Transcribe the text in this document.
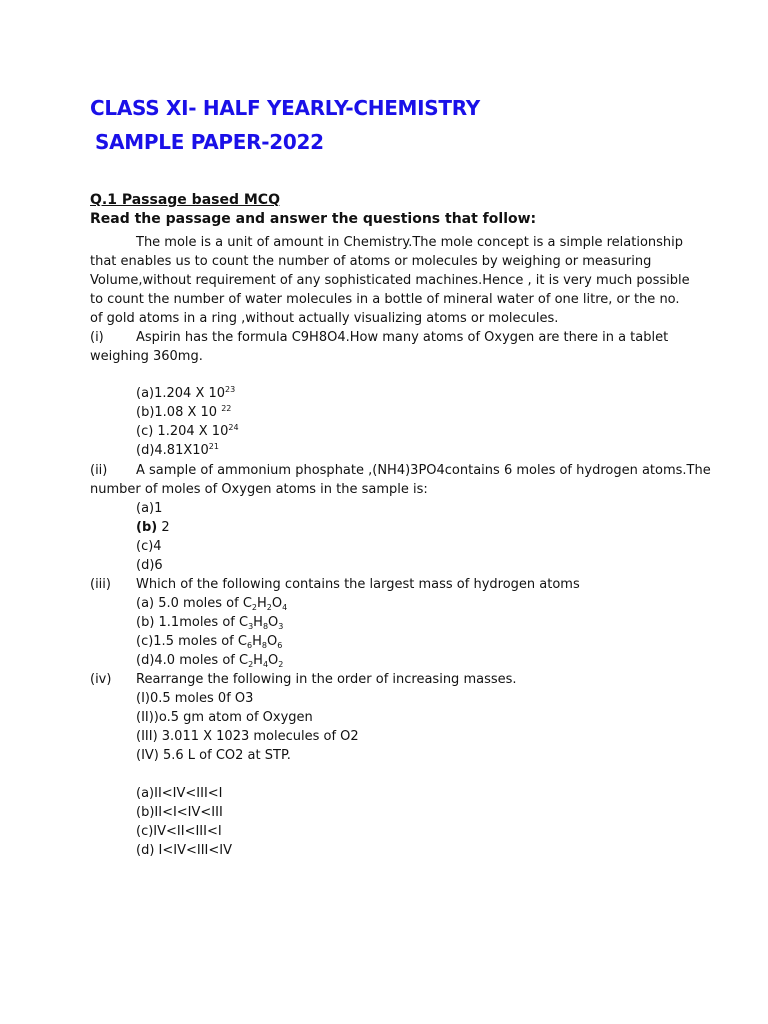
CLASS XI- HALF YEARLY-CHEMISTRY
SAMPLE PAPER-2022

Q.1 Passage based MCQ

Read the passage and answer the questions that follow:

The mole is a unit of amount in Chemistry.The mole concept is a simple relationship

that enables us to count the number of atoms or molecules by weighing or measuring

Volume,without requirement of any sophisticated machines.Hence , it is very much possible

to count the number of water molecules in a bottle of mineral water of one litre, or the no.

of gold atoms in a ring ,without actually visualizing atoms or molecules.

(i) Aspirin has the formula C9H8O4.How many atoms of Oxygen are there in a tablet

weighing 360mg.

(a)1.204 X $10^{23}$

(b)1.08 X 10 $^{22}$

(c) 1.204 X $10^{24}$

$(d)4.81X10^{21}$

(ii) A sample of ammonium phosphate ,(NH4)3PO4contains 6 moles of hydrogen atoms.The

number of moles of Oxygen atoms in the sample is:

(a)1

(b) 2

(c)4

(d)6

(iii) Which of the following contains the largest mass of hydrogen atoms

(a) 5.0 moles of $C_2H_2O_4$

(b) 1.1moles of $C_3H_8O_3$

(c)1.5 moles of $C_6H_8O_6$

(d)4.0 moles of $C_2H_4O_2$

(iv) Rearrange the following in the order of increasing masses.

(I)0.5 moles 0f O3

(II))o.5 gm atom of Oxygen

(III) 3.011 X 1023 molecules of O2

(IV) 5.6 L of CO2 at STP.

(a)II<IV<III<I

(b)II<I<IV<III

(c)IV<II<III<I

(d) I<IV<III<IV
